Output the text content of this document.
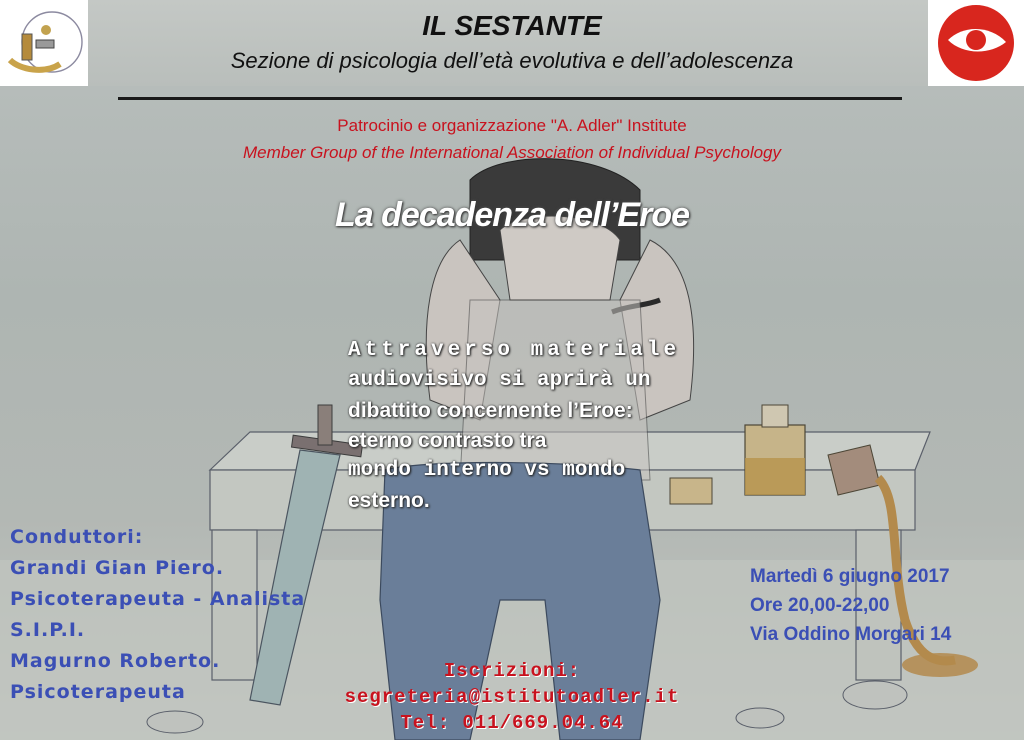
IL SESTANTE
Sezione di psicologia dell’età evolutiva e dell’adolescenza
Patrocinio e organizzazione "A. Adler" Institute
Member Group of the International Association of Individual Psychology
La decadenza dell’Eroe
Attraverso materiale
audiovisivo si aprirà un
dibattito concernente l’Eroe:
eterno contrasto tra
mondo interno vs mondo
esterno.
Conduttori:
Grandi Gian Piero.
Psicoterapeuta - Analista
S.I.P.I.
Magurno Roberto.
Psicoterapeuta
Martedì 6 giugno 2017
Ore 20,00-22,00
Via Oddino Morgari 14
Iscrizioni:
segreteria@istitutoadler.it
Tel: 011/669.04.64
